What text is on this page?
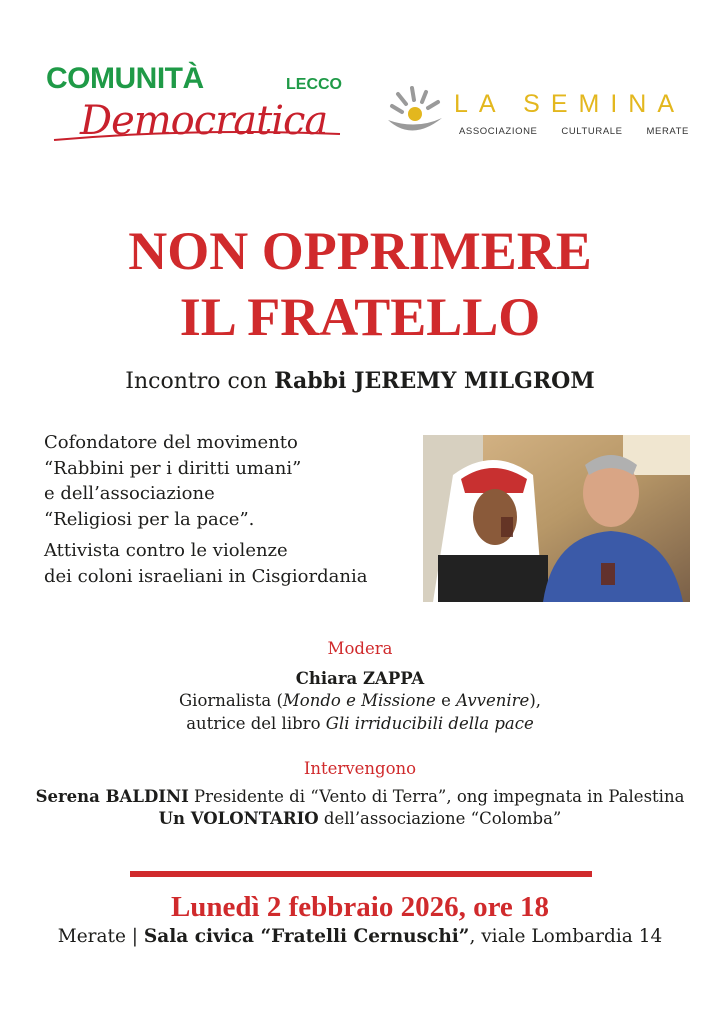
COMUNITÀ	LECCO
Democratica	LA SEMINA
ASSOCIAZIONE	CULTURALE	MERATE
NON OPPRIMERE
IL FRATELLO
Incontro con Rabbi JEREMY MILGROM

Cofondatore del movimento

“Rabbini per i diritti umani”

e dell’associazione

“Religiosi per la pace”.

Attivista contro le violenze

dei coloni israeliani in Cisgiordania

Modera
Chiara ZAPPA
Giornalista (Mondo e Missione e Avvenire),
autrice del libro Gli irriducibili della pace
Intervengono
Serena BALDINI Presidente di “Vento di Terra”, ong impegnata in Palestina
Un VOLONTARIO dell’associazione “Colomba”
Lunedì 2 febbraio 2026, ore 18
Merate | Sala civica “Fratelli Cernuschi”, viale Lombardia 14
